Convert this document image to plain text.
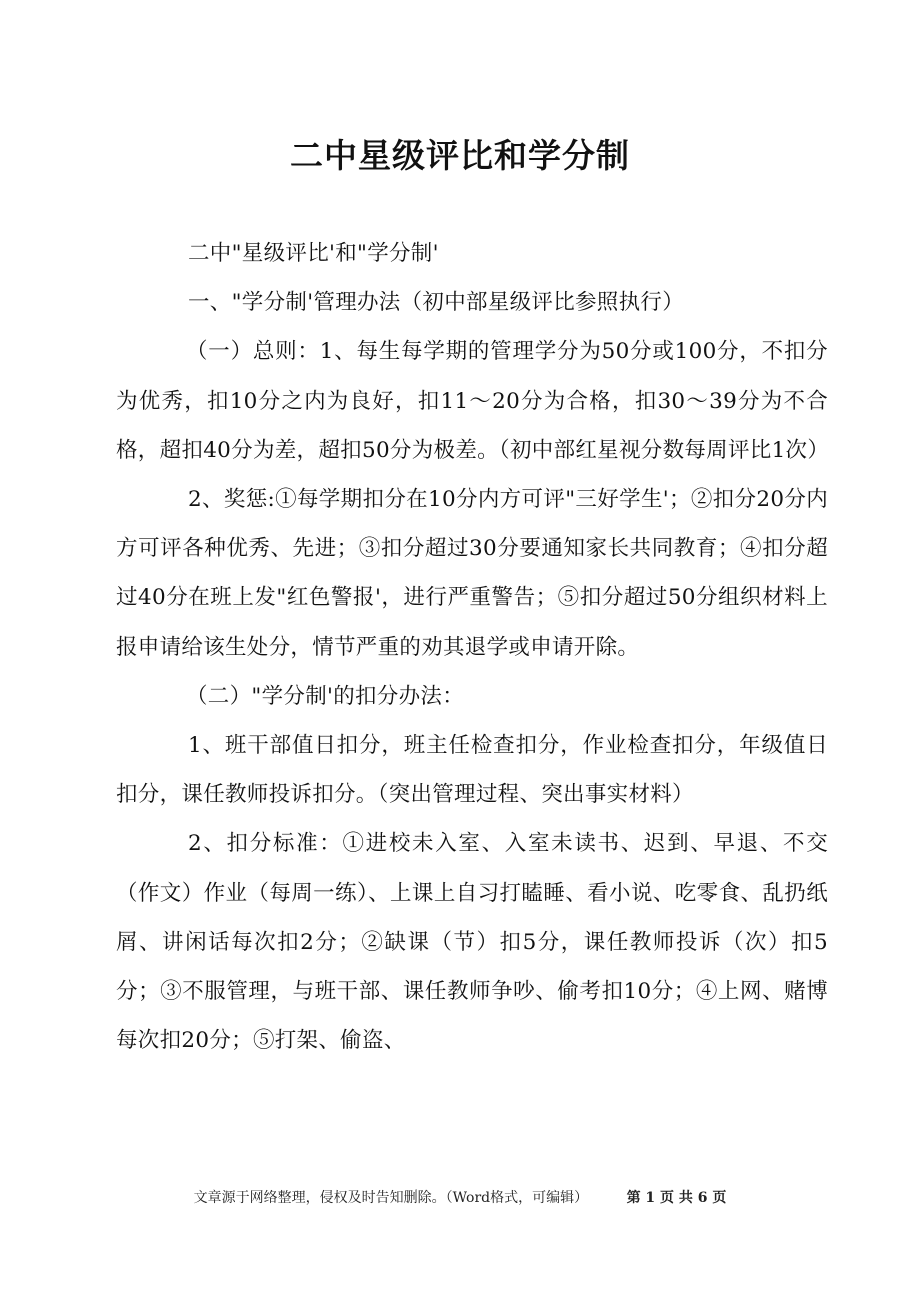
二中星级评比和学分制

二中"星级评比'和"学分制'

一、"学分制'管理办法（初中部星级评比参照执行）

（一）总则：1、每生每学期的管理学分为50分或100分，不扣分为优秀，扣10分之内为良好，扣11～20分为合格，扣30～39分为不合格，超扣40分为差，超扣50分为极差。（初中部红星视分数每周评比1次）

2、奖惩:①每学期扣分在10分内方可评"三好学生'；②扣分20分内方可评各种优秀、先进；③扣分超过30分要通知家长共同教育；④扣分超过40分在班上发"红色警报'，进行严重警告；⑤扣分超过50分组织材料上报申请给该生处分，情节严重的劝其退学或申请开除。

（二）"学分制'的扣分办法：

1、班干部值日扣分，班主任检查扣分，作业检查扣分，年级值日扣分，课任教师投诉扣分。（突出管理过程、突出事实材料）

2、扣分标准：①进校未入室、入室未读书、迟到、早退、不交（作文）作业（每周一练）、上课上自习打瞌睡、看小说、吃零食、乱扔纸屑、讲闲话每次扣2分；②缺课（节）扣5分，课任教师投诉（次）扣5分；③不服管理，与班干部、课任教师争吵、偷考扣10分；④上网、赌博每次扣20分；⑤打架、偷盗、

文章源于网络整理，侵权及时告知删除。（Word格式，可编辑）	第 1 页 共 6 页
